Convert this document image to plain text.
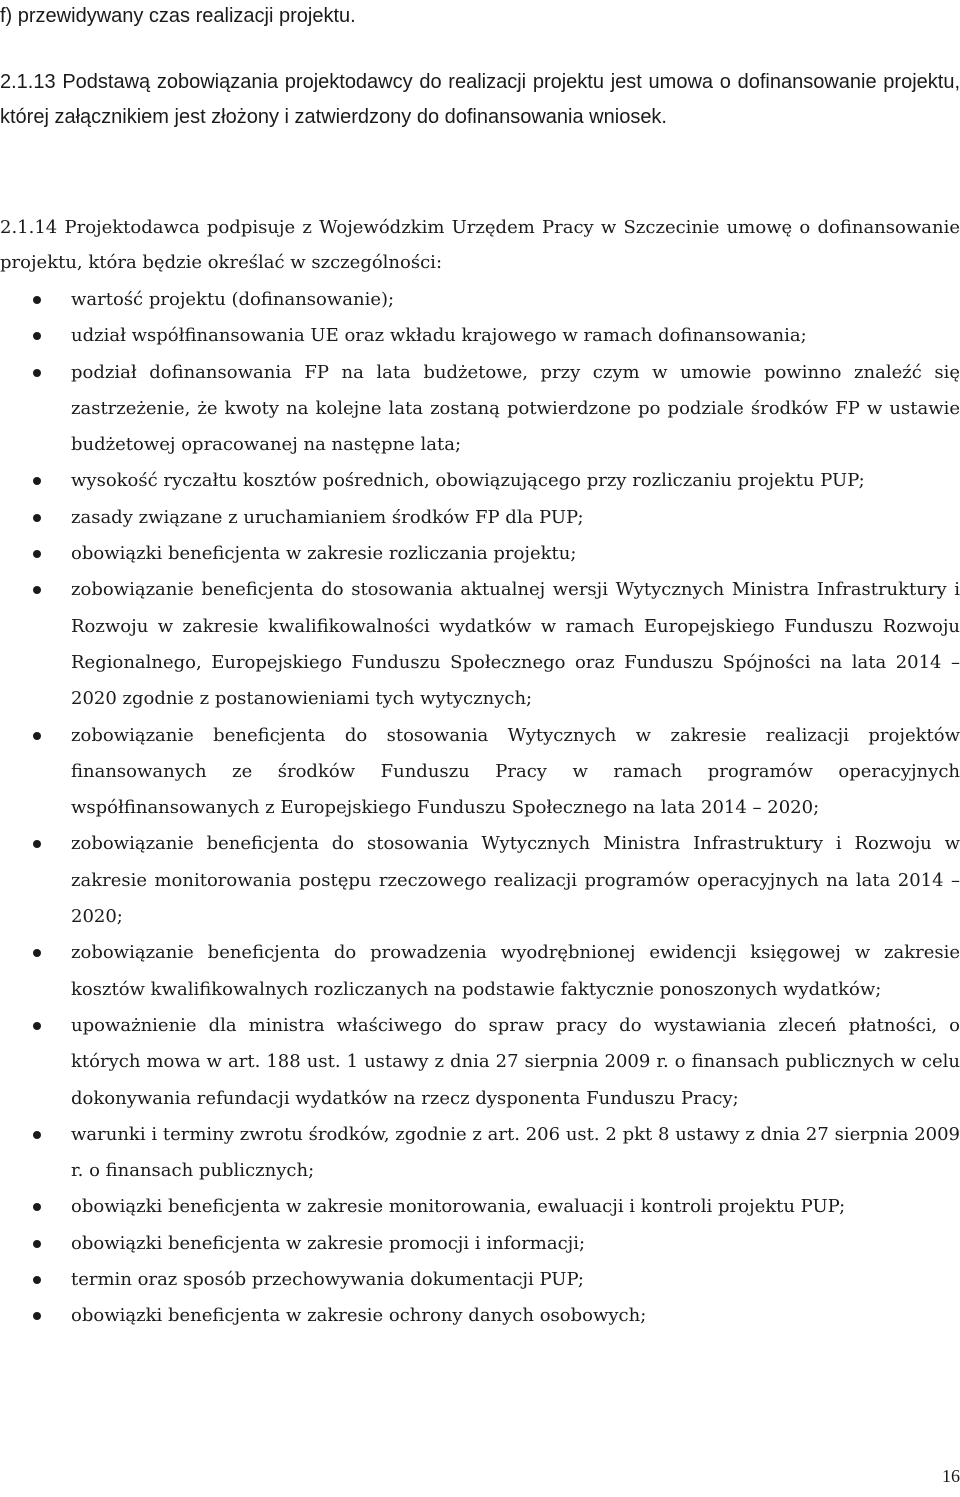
f) przewidywany czas realizacji projektu.
2.1.13 Podstawą zobowiązania projektodawcy do realizacji projektu jest umowa o dofinansowanie projektu, której załącznikiem jest złożony i zatwierdzony do dofinansowania wniosek.
2.1.14 Projektodawca podpisuje z Wojewódzkim Urzędem Pracy w Szczecinie umowę o dofinansowanie projektu, która będzie określać w szczególności:
wartość projektu (dofinansowanie);
udział współfinansowania UE oraz wkładu krajowego w ramach dofinansowania;
podział dofinansowania FP na lata budżetowe, przy czym w umowie powinno znaleźć się zastrzeżenie, że kwoty na kolejne lata zostaną potwierdzone po podziale środków FP w ustawie budżetowej opracowanej na następne lata;
wysokość ryczałtu kosztów pośrednich, obowiązującego przy rozliczaniu projektu PUP;
zasady związane z uruchamianiem środków FP dla PUP;
obowiązki beneficjenta w zakresie rozliczania projektu;
zobowiązanie beneficjenta do stosowania aktualnej wersji Wytycznych Ministra Infrastruktury i Rozwoju w zakresie kwalifikowalności wydatków w ramach Europejskiego Funduszu Rozwoju Regionalnego, Europejskiego Funduszu Społecznego oraz Funduszu Spójności na lata 2014 – 2020 zgodnie z postanowieniami tych wytycznych;
zobowiązanie beneficjenta do stosowania Wytycznych w zakresie realizacji projektów finansowanych ze środków Funduszu Pracy w ramach programów operacyjnych współfinansowanych z Europejskiego Funduszu Społecznego na lata 2014 – 2020;
zobowiązanie beneficjenta do stosowania Wytycznych Ministra Infrastruktury i Rozwoju w zakresie monitorowania postępu rzeczowego realizacji programów operacyjnych na lata 2014 – 2020;
zobowiązanie beneficjenta do prowadzenia wyodrębnionej ewidencji księgowej w zakresie kosztów kwalifikowalnych rozliczanych na podstawie faktycznie ponoszonych wydatków;
upoważnienie dla ministra właściwego do spraw pracy do wystawiania zleceń płatności, o których mowa w art. 188 ust. 1 ustawy z dnia 27 sierpnia 2009 r. o finansach publicznych w celu dokonywania refundacji wydatków na rzecz dysponenta Funduszu Pracy;
warunki i terminy zwrotu środków, zgodnie z art. 206 ust. 2 pkt 8 ustawy z dnia 27 sierpnia 2009 r. o finansach publicznych;
obowiązki beneficjenta w zakresie monitorowania, ewaluacji i kontroli projektu PUP;
obowiązki beneficjenta w zakresie promocji i informacji;
termin oraz sposób przechowywania dokumentacji PUP;
obowiązki beneficjenta w zakresie ochrony danych osobowych;
16
